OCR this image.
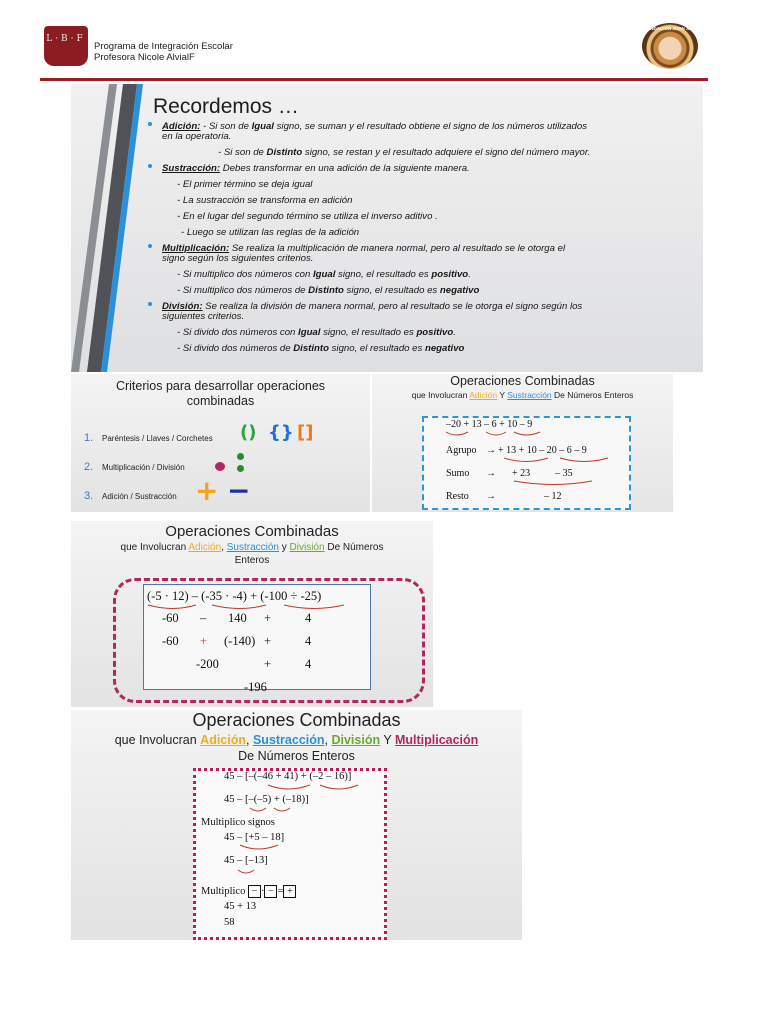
L·B·F
Programa de Integración Escolar
Profesora Nicole AlvialF
FUNDACION JUAN XXIII
Recordemos …
Adición: - Si son de Igual signo, se suman y el resultado obtiene el signo de los números utilizados
en la operatoria.
- Si son de Distinto signo, se restan y el resultado adquiere el signo del número mayor.
Sustracción: Debes transformar en una adición de la siguiente manera.
- El primer término se deja igual
- La sustracción se transforma en adición
- En el lugar del segundo término se utiliza el inverso aditivo .
- Luego se utilizan las reglas de la adición
Multiplicación: Se realiza la multiplicación de manera normal, pero al resultado se le otorga el
signo según los siguientes criterios.
- Si multiplico dos números con Igual signo, el resultado es positivo.
- Si multiplico dos números de Distinto signo, el resultado es negativo
División: Se realiza la división de manera normal, pero al resultado se le otorga el signo según los
siguientes criterios.
- Si divido dos números con Igual signo, el resultado es positivo.
- Si divido dos números de Distinto signo, el resultado es negativo
Criterios para desarrollar operaciones
combinadas
1. Paréntesis / Llaves / Corchetes () {} []
2. Multiplicación / División
3. Adición / Sustracción + −
Operaciones Combinadas
que Involucran Adición Y Sustracción De Números Enteros
–20 + 13 – 6 + 10 – 9
Agrupo → + 13 + 10 – 20 – 6 – 9
Sumo → + 23          – 35
Resto →	– 12
Operaciones Combinadas
que Involucran Adición, Sustracción y División De Números
Enteros
(-5 · 12) – (-35 · -4) + (-100 ÷ -25)
-60 – 140 +	4
-60 + (-140) +	4
-200	+	4
-196
Operaciones Combinadas
que Involucran Adición, Sustracción, División Y Multiplicación
De Números Enteros
45 – [–(–46 + 41) + (–2 – 16)]
45 – [–(–5) + (–18)]
Multiplico signos
45 – [+5 – 18]
45 – [–13]
Multiplico − · − = +
45 + 13
58
